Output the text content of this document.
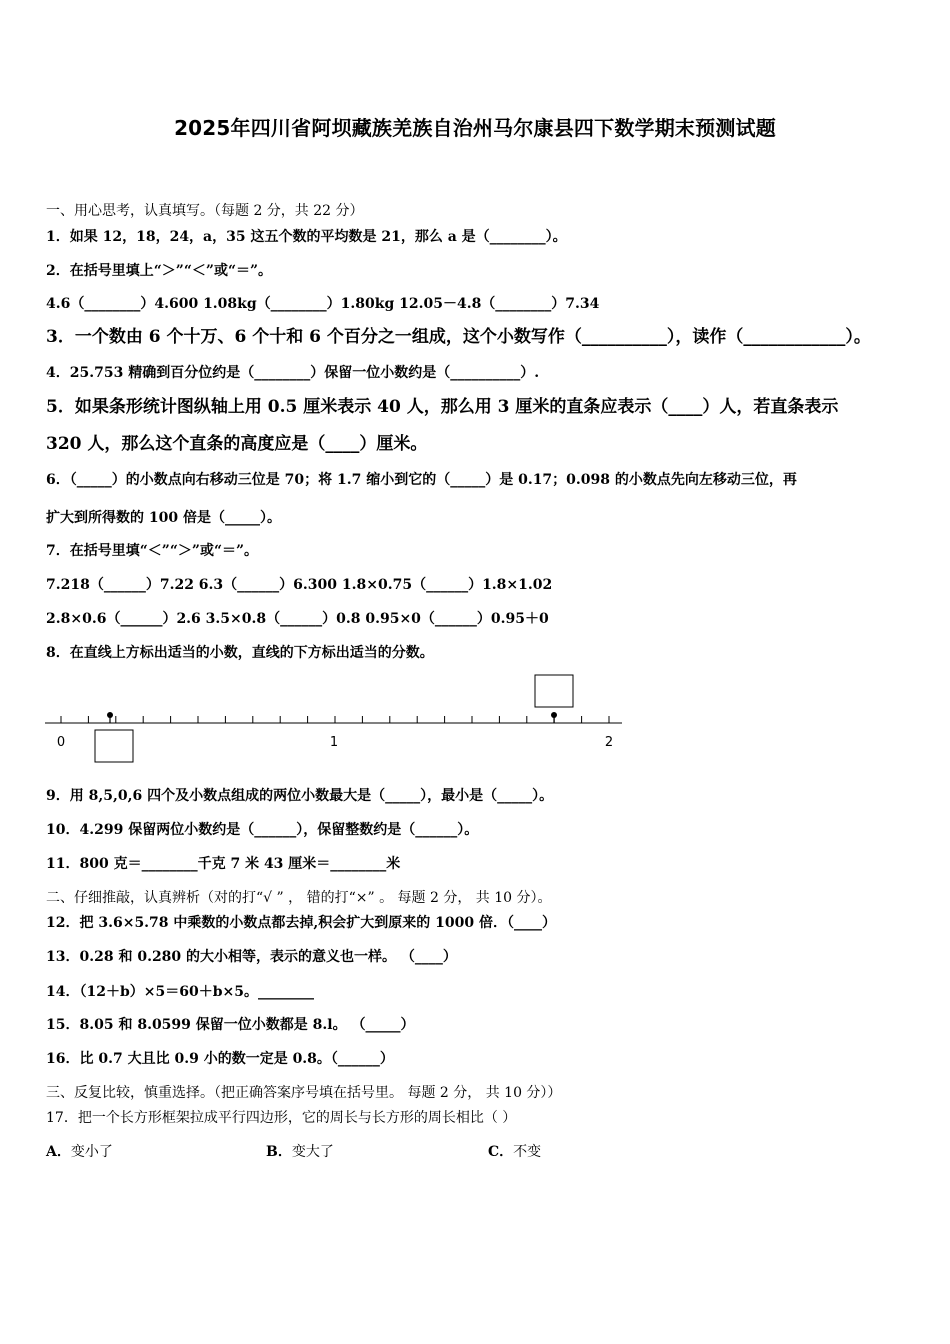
2025年四川省阿坝藏族羌族自治州马尔康县四下数学期末预测试题
一、用心思考，认真填写。（每题 2 分，共 22 分）
1．如果 12，18，24，a，35 这五个数的平均数是 21，那么 a 是（________）。
2．在括号里填上“＞”“＜”或“＝”。
4.6（________）4.600 1.08kg（________）1.80kg 12.05－4.8（________）7.34
3．一个数由 6 个十万、6 个十和 6 个百分之一组成，这个小数写作（__________），读作（____________）。
4．25.753 精确到百分位约是（________）保留一位小数约是（__________）.
5．如果条形统计图纵轴上用 0.5 厘米表示 40 人，那么用 3 厘米的直条应表示（____）人，若直条表示
320 人，那么这个直条的高度应是（____）厘米。
6．（_____）的小数点向右移动三位是 70；将 1.7 缩小到它的（_____）是 0.17；0.098 的小数点先向左移动三位，再
扩大到所得数的 100 倍是（_____）。
7．在括号里填“＜”“＞”或“＝”。
7.218（______）7.22 6.3（______）6.300 1.8×0.75（______）1.8×1.02
2.8×0.6（______）2.6 3.5×0.8（______）0.8 0.95×0（______）0.95＋0
8．在直线上方标出适当的小数，直线的下方标出适当的分数。
0	1	2
9．用 8,5,0,6 四个及小数点组成的两位小数最大是（_____），最小是（_____）。
10．4.299 保留两位小数约是（______），保留整数约是（______）。
11．800 克＝________千克 7 米 43 厘米＝________米
二、仔细推敲，认真辨析（对的打“√ ” ， 错的打“×” 。 每题 2 分， 共 10 分）。
12．把 3.6×5.78 中乘数的小数点都去掉,积会扩大到原来的 1000 倍．（____）
13．0.28 和 0.280 的大小相等，表示的意义也一样。 （____）
14．（12＋b）×5＝60＋b×5。________
15．8.05 和 8.0599 保留一位小数都是 8.l。 （_____）
16．比 0.7 大且比 0.9 小的数一定是 0.8。（______）
三、反复比较，慎重选择。（把正确答案序号填在括号里。 每题 2 分， 共 10 分））
17．把一个长方形框架拉成平行四边形，它的周长与长方形的周长相比（ ）
A．变小了	B．变大了	C．不变
